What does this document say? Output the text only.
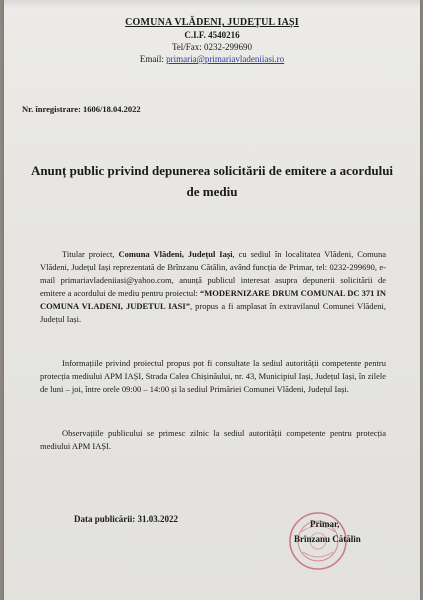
COMUNA VLĂDENI, JUDEȚUL IAȘI
C.I.F. 4540216
Tel/Fax: 0232-299690
Email: primaria@primariavladeniiasi.ro
Nr. înregistrare: 1606/18.04.2022
Anunț public privind depunerea solicitării de emitere a acordului de mediu
Titular proiect, Comuna Vlădeni, Județul Iași, cu sediul în localitatea Vlădeni, Comuna Vlădeni, Județul Iași reprezentată de Brînzanu Cătălin, având funcția de Primar, tel: 0232-299690, e-mail primariavladeniiasi@yahoo.com, anunță publicul interesat asupra depunerii solicitării de emitere a acordului de mediu pentru proiectul: “MODERNIZARE DRUM COMUNAL DC 371 IN COMUNA VLADENI, JUDETUL IASI”, propus a fi amplasat în extravilanul Comunei Vlădeni, Județul Iași.
Informațiile privind proiectul propus pot fi consultate la sediul autorității competente pentru protecția mediului APM IAȘI, Strada Calea Chișinăului, nr. 43, Municipiul Iași, Județul Iași, în zilele de luni – joi, între orele 09:00 – 14:00 și la sediul Primăriei Comunei Vlădeni, Județul Iași.
Observațiile publicului se primesc zilnic la sediul autorității competente pentru protecția mediului APM IAȘI.
Data publicării: 31.03.2022	Primar,
Brînzanu Cătălin
